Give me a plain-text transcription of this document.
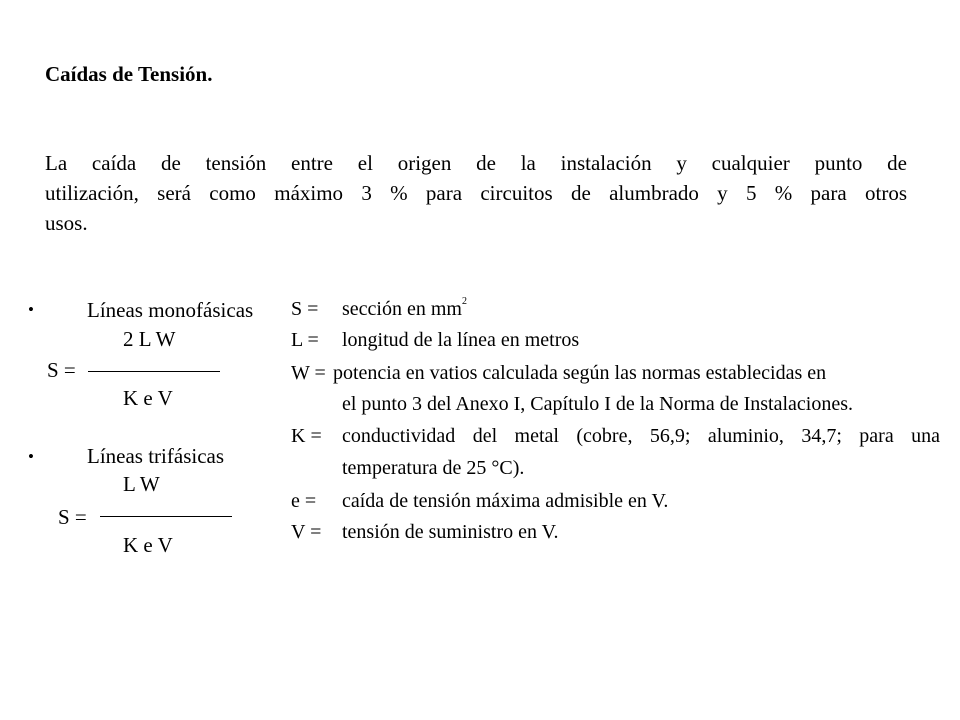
Caídas de Tensión.
La caída de tensión entre el origen de la instalación y cualquier punto de
utilización, será como máximo 3 % para circuitos de alumbrado y 5 % para otros
usos.
•	Líneas monofásicas
2 L W
S =
K e V
•	Líneas trifásicas
L W
S =
K e V
S = sección en $mm^2$
L = longitud de la línea en metros
W = potencia en vatios calculada según las normas establecidas en
el punto 3 del Anexo I, Capítulo I de la Norma de Instalaciones.
K = conductividad del metal (cobre, 56,9; aluminio, 34,7; para una
temperatura de 25 °C).
e = caída de tensión máxima admisible en V.
V = tensión de suministro en V.
